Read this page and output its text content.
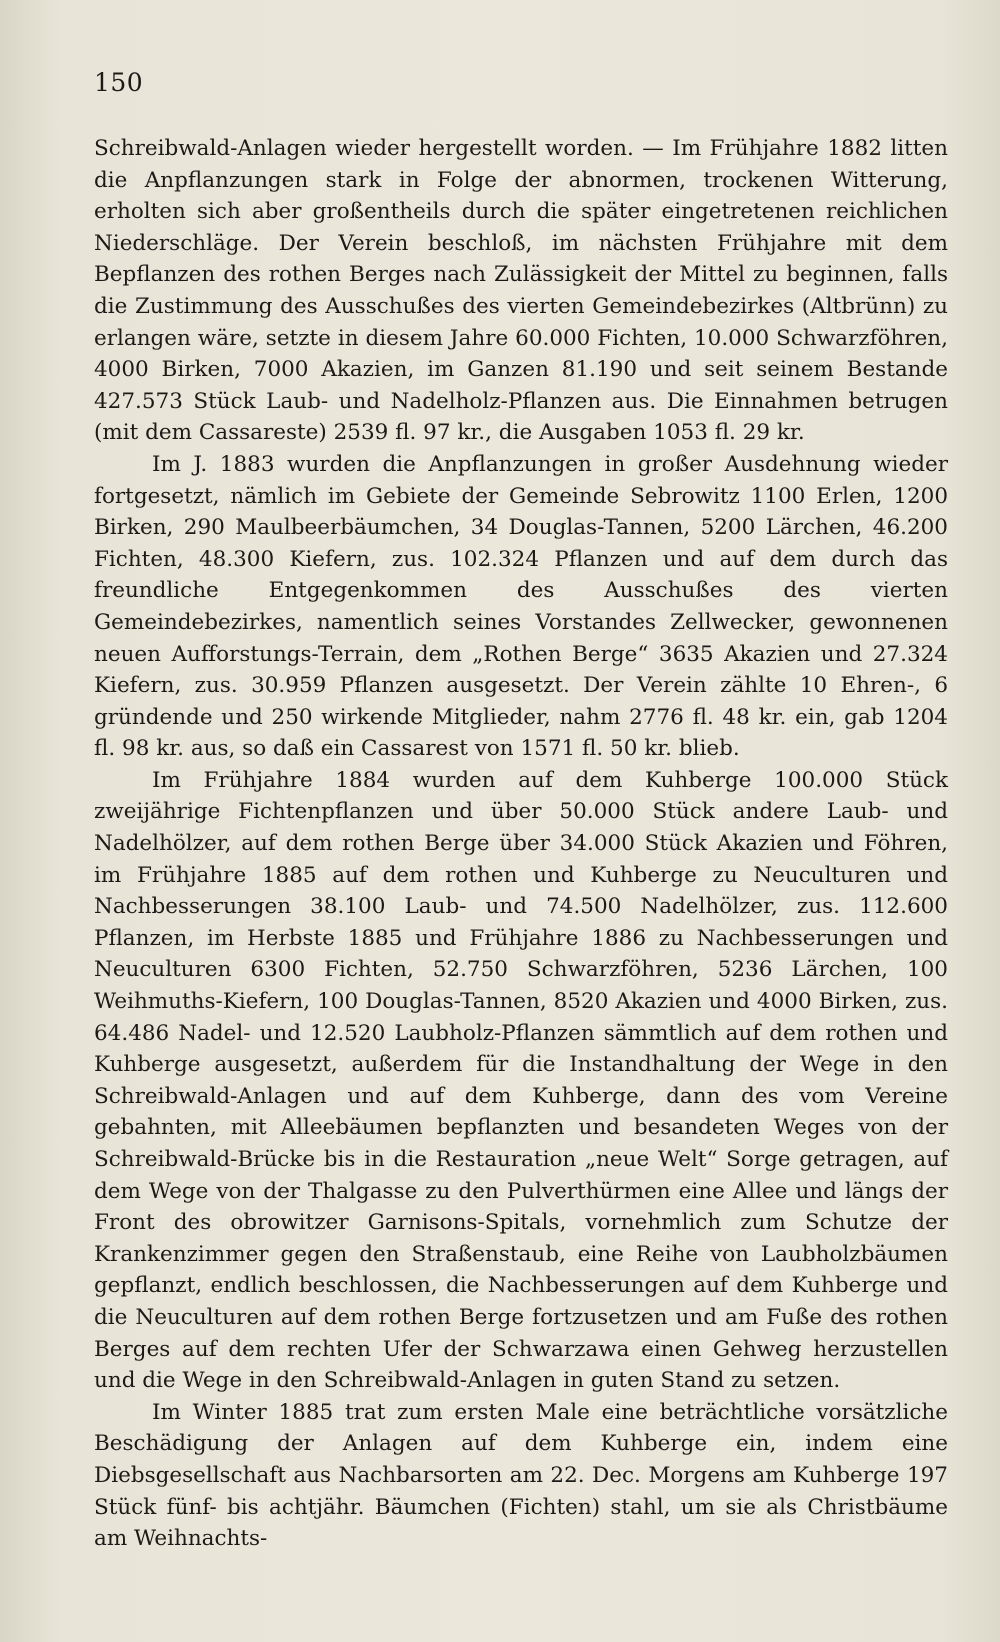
150

Schreibwald-Anlagen wieder hergestellt worden. — Im Frühjahre 1882 litten die Anpflanzungen stark in Folge der abnormen, trockenen Witterung, erholten sich aber großentheils durch die später eingetretenen reichlichen Niederschläge. Der Verein beschloß, im nächsten Frühjahre mit dem Bepflanzen des rothen Berges nach Zulässigkeit der Mittel zu beginnen, falls die Zustimmung des Ausschußes des vierten Gemeindebezirkes (Altbrünn) zu erlangen wäre, setzte in diesem Jahre 60.000 Fichten, 10.000 Schwarzföhren, 4000 Birken, 7000 Akazien, im Ganzen 81.190 und seit seinem Bestande 427.573 Stück Laub- und Nadelholz-Pflanzen aus. Die Einnahmen betrugen (mit dem Cassareste) 2539 fl. 97 kr., die Ausgaben 1053 fl. 29 kr.

Im J. 1883 wurden die Anpflanzungen in großer Ausdehnung wieder fortgesetzt, nämlich im Gebiete der Gemeinde Sebrowitz 1100 Erlen, 1200 Birken, 290 Maulbeerbäumchen, 34 Douglas-Tannen, 5200 Lärchen, 46.200 Fichten, 48.300 Kiefern, zus. 102.324 Pflanzen und auf dem durch das freundliche Entgegenkommen des Ausschußes des vierten Gemeindebezirkes, namentlich seines Vorstandes Zellwecker, gewonnenen neuen Aufforstungs-Terrain, dem „Rothen Berge“ 3635 Akazien und 27.324 Kiefern, zus. 30.959 Pflanzen ausgesetzt. Der Verein zählte 10 Ehren-, 6 gründende und 250 wirkende Mitglieder, nahm 2776 fl. 48 kr. ein, gab 1204 fl. 98 kr. aus, so daß ein Cassarest von 1571 fl. 50 kr. blieb.

Im Frühjahre 1884 wurden auf dem Kuhberge 100.000 Stück zweijährige Fichtenpflanzen und über 50.000 Stück andere Laub- und Nadelhölzer, auf dem rothen Berge über 34.000 Stück Akazien und Föhren, im Frühjahre 1885 auf dem rothen und Kuhberge zu Neuculturen und Nachbesserungen 38.100 Laub- und 74.500 Nadelhölzer, zus. 112.600 Pflanzen, im Herbste 1885 und Frühjahre 1886 zu Nachbesserungen und Neuculturen 6300 Fichten, 52.750 Schwarzföhren, 5236 Lärchen, 100 Weihmuths-Kiefern, 100 Douglas-Tannen, 8520 Akazien und 4000 Birken, zus. 64.486 Nadel- und 12.520 Laubholz-Pflanzen sämmtlich auf dem rothen und Kuhberge ausgesetzt, außerdem für die Instandhaltung der Wege in den Schreibwald-Anlagen und auf dem Kuhberge, dann des vom Vereine gebahnten, mit Alleebäumen bepflanzten und besandeten Weges von der Schreibwald-Brücke bis in die Restauration „neue Welt“ Sorge getragen, auf dem Wege von der Thalgasse zu den Pulverthürmen eine Allee und längs der Front des obrowitzer Garnisons-Spitals, vornehmlich zum Schutze der Krankenzimmer gegen den Straßenstaub, eine Reihe von Laubholzbäumen gepflanzt, endlich beschlossen, die Nachbesserungen auf dem Kuhberge und die Neuculturen auf dem rothen Berge fortzusetzen und am Fuße des rothen Berges auf dem rechten Ufer der Schwarzawa einen Gehweg herzustellen und die Wege in den Schreibwald-Anlagen in guten Stand zu setzen.

Im Winter 1885 trat zum ersten Male eine beträchtliche vorsätzliche Beschädigung der Anlagen auf dem Kuhberge ein, indem eine Diebsgesellschaft aus Nachbarsorten am 22. Dec. Morgens am Kuhberge 197 Stück fünf- bis achtjähr. Bäumchen (Fichten) stahl, um sie als Christbäume am Weihnachts-
